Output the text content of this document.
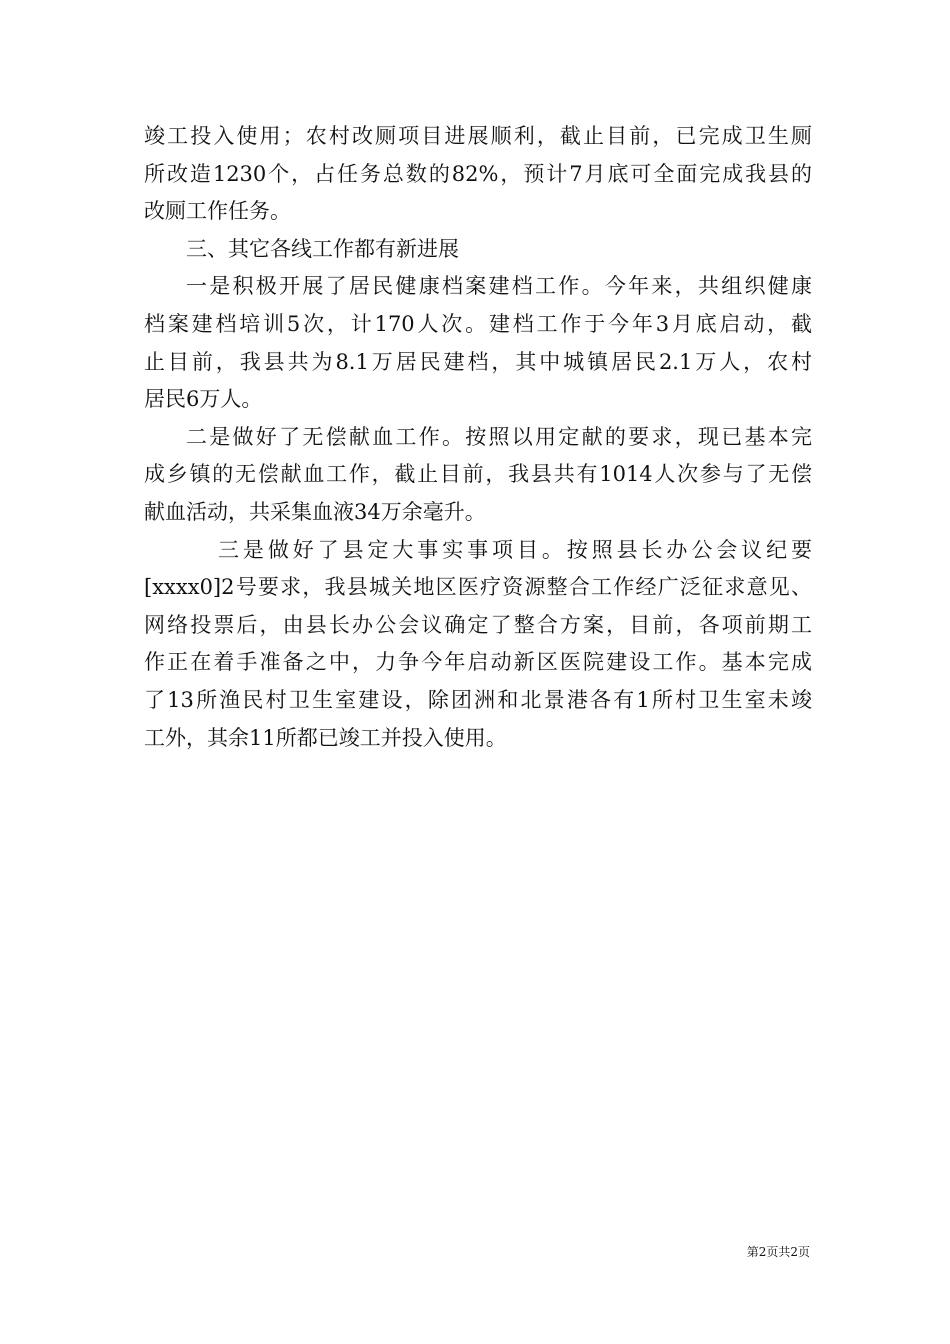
竣工投入使用；农村改厕项目进展顺利，截止目前，已完成卫生厕
所改造1230个，占任务总数的82%，预计7月底可全面完成我县的
改厕工作任务。
三、其它各线工作都有新进展
一是积极开展了居民健康档案建档工作。今年来，共组织健康
档案建档培训5次，计170人次。建档工作于今年3月底启动，截
止目前，我县共为8.1万居民建档，其中城镇居民2.1万人，农村
居民6万人。
二是做好了无偿献血工作。按照以用定献的要求，现已基本完
成乡镇的无偿献血工作，截止目前，我县共有1014人次参与了无偿
献血活动，共采集血液34万余毫升。
三是做好了县定大事实事项目。按照县长办公会议纪要
[xxxx0]2号要求，我县城关地区医疗资源整合工作经广泛征求意见、
网络投票后，由县长办公会议确定了整合方案，目前，各项前期工
作正在着手准备之中，力争今年启动新区医院建设工作。基本完成
了13所渔民村卫生室建设，除团洲和北景港各有1所村卫生室未竣
工外，其余11所都已竣工并投入使用。
第2页共2页
